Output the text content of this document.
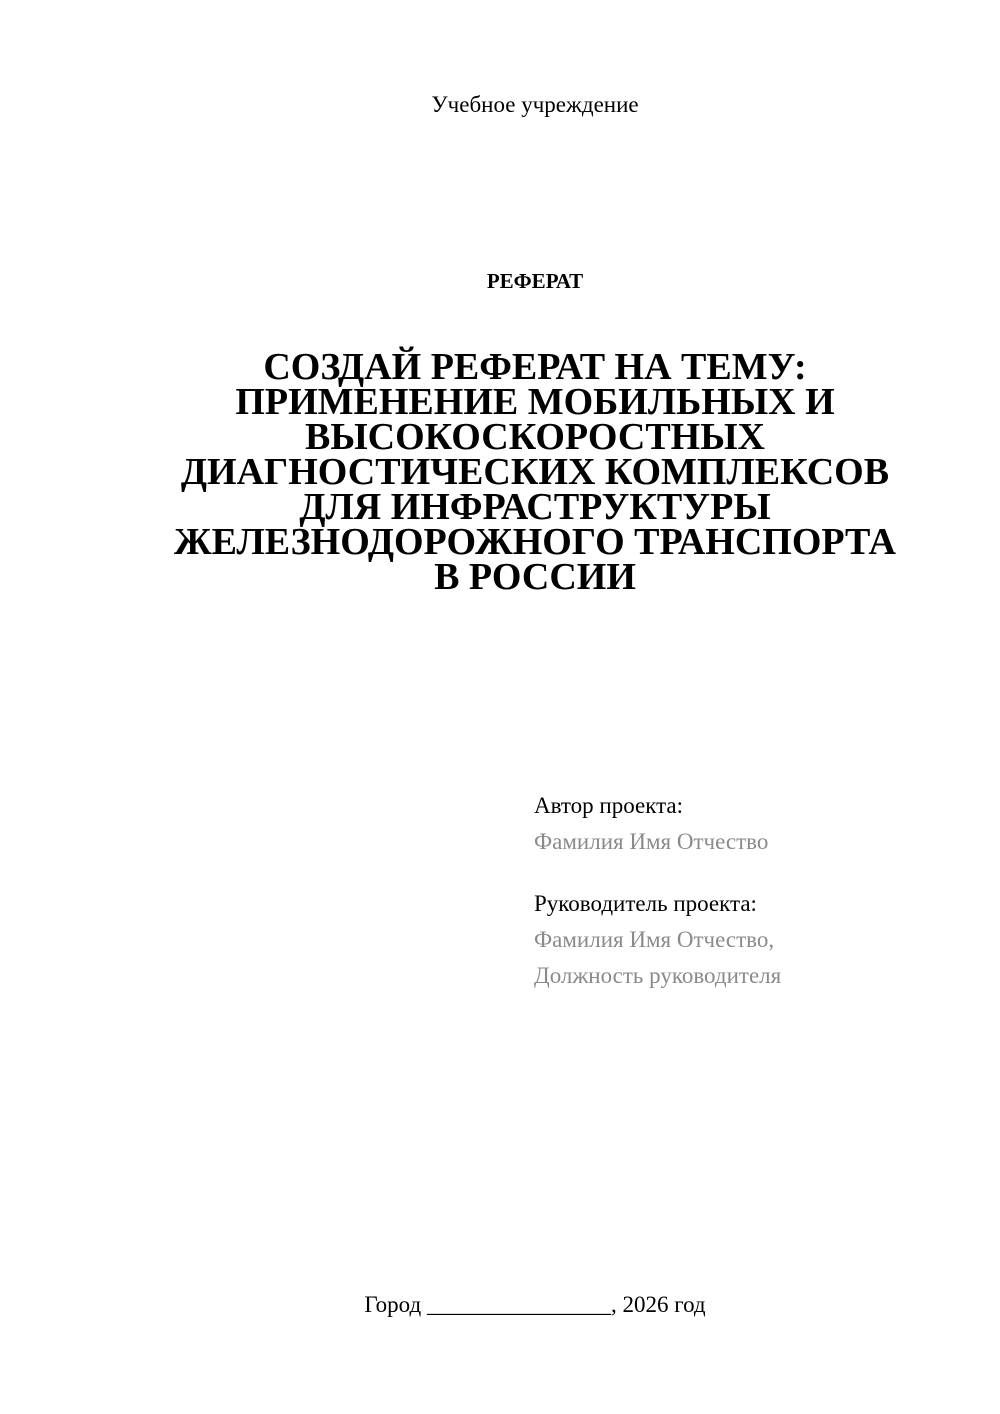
Учебное учреждение
РЕФЕРАТ
СОЗДАЙ РЕФЕРАТ НА ТЕМУ:
ПРИМЕНЕНИЕ МОБИЛЬНЫХ И
ВЫСОКОСКОРОСТНЫХ
ДИАГНОСТИЧЕСКИХ КОМПЛЕКСОВ
ДЛЯ ИНФРАСТРУКТУРЫ
ЖЕЛЕЗНОДОРОЖНОГО ТРАНСПОРТА
В РОССИИ
Автор проекта:
Фамилия Имя Отчество
Руководитель проекта:
Фамилия Имя Отчество,
Должность руководителя
Город ________________, 2026 год
